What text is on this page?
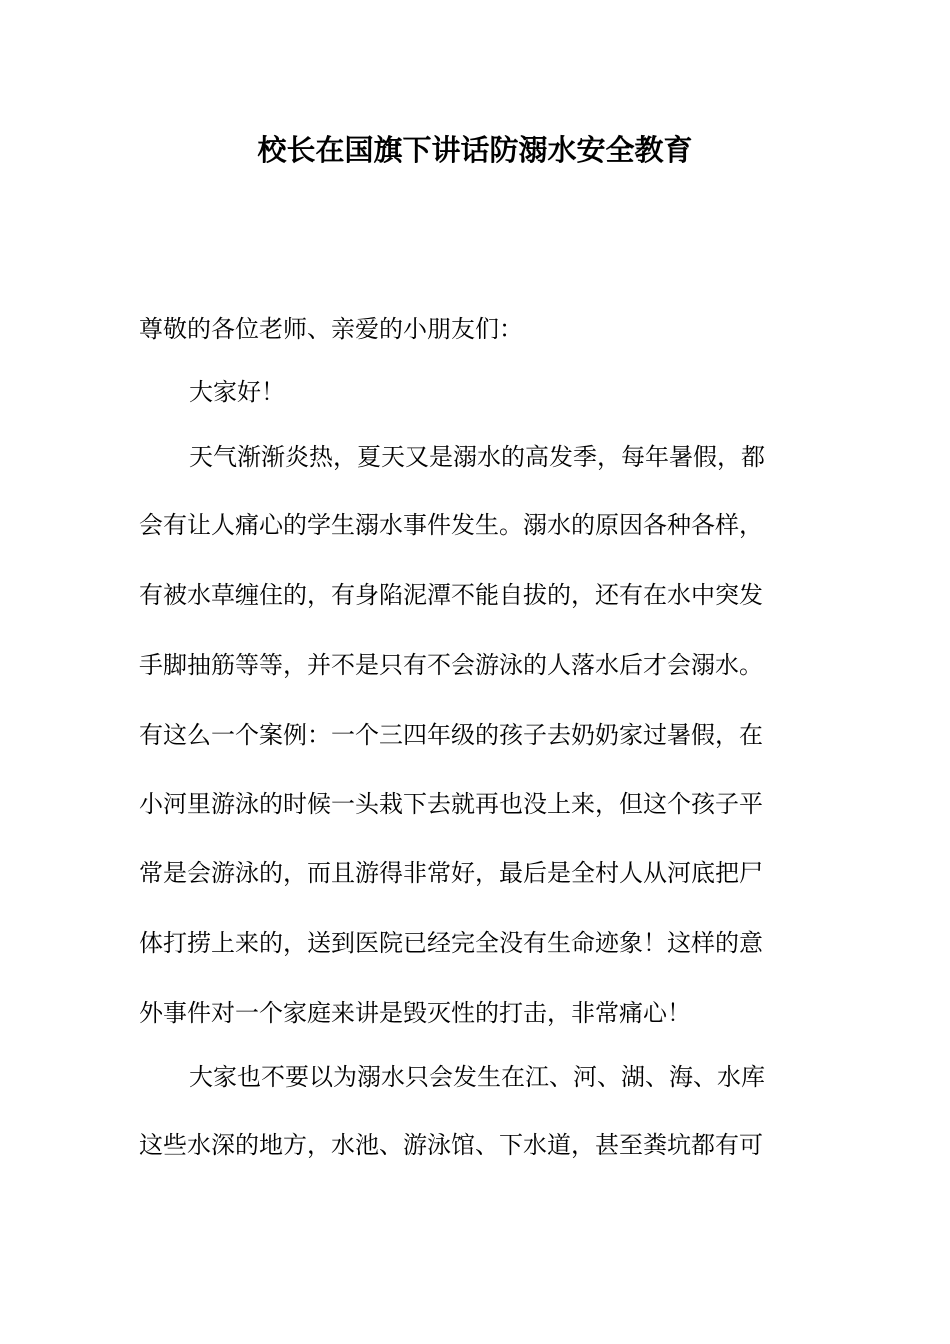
校长在国旗下讲话防溺水安全教育
尊敬的各位老师、亲爱的小朋友们：
大家好！
天气渐渐炎热，夏天又是溺水的高发季，每年暑假，都
会有让人痛心的学生溺水事件发生。溺水的原因各种各样，
有被水草缠住的，有身陷泥潭不能自拔的，还有在水中突发
手脚抽筋等等，并不是只有不会游泳的人落水后才会溺水。
有这么一个案例：一个三四年级的孩子去奶奶家过暑假，在
小河里游泳的时候一头栽下去就再也没上来，但这个孩子平
常是会游泳的，而且游得非常好，最后是全村人从河底把尸
体打捞上来的，送到医院已经完全没有生命迹象！这样的意
外事件对一个家庭来讲是毁灭性的打击，非常痛心！
大家也不要以为溺水只会发生在江、河、湖、海、水库
这些水深的地方，水池、游泳馆、下水道，甚至粪坑都有可
